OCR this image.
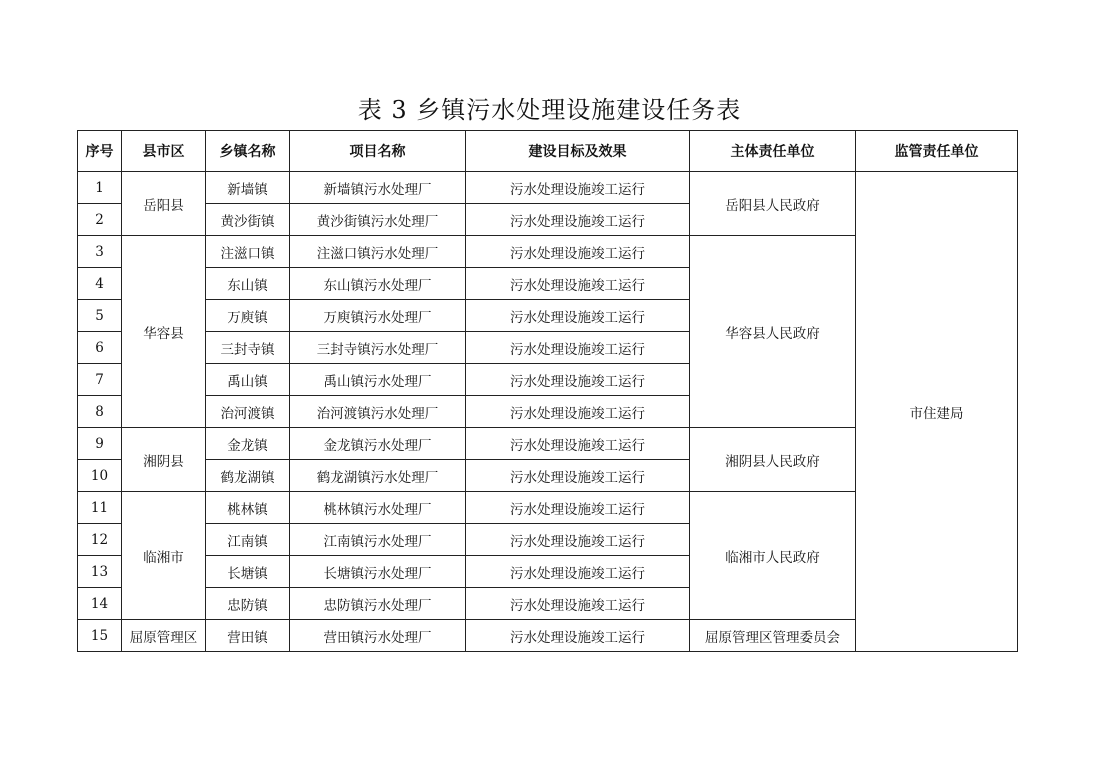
表 3 乡镇污水处理设施建设任务表
序号	县市区	乡镇名称	项目名称	建设目标及效果	主体责任单位	监管责任单位
1	岳阳县	新墙镇	新墙镇污水处理厂	污水处理设施竣工运行	岳阳县人民政府	市住建局
2		黄沙街镇	黄沙街镇污水处理厂	污水处理设施竣工运行		
3	华容县	注滋口镇	注滋口镇污水处理厂	污水处理设施竣工运行	华容县人民政府	
4		东山镇	东山镇污水处理厂	污水处理设施竣工运行		
5		万庾镇	万庾镇污水处理厂	污水处理设施竣工运行		
6		三封寺镇	三封寺镇污水处理厂	污水处理设施竣工运行		
7		禹山镇	禹山镇污水处理厂	污水处理设施竣工运行		
8		治河渡镇	治河渡镇污水处理厂	污水处理设施竣工运行		
9	湘阴县	金龙镇	金龙镇污水处理厂	污水处理设施竣工运行	湘阴县人民政府	
10		鹤龙湖镇	鹤龙湖镇污水处理厂	污水处理设施竣工运行		
11	临湘市	桃林镇	桃林镇污水处理厂	污水处理设施竣工运行	临湘市人民政府	
12		江南镇	江南镇污水处理厂	污水处理设施竣工运行		
13		长塘镇	长塘镇污水处理厂	污水处理设施竣工运行		
14		忠防镇	忠防镇污水处理厂	污水处理设施竣工运行		
15	屈原管理区	营田镇	营田镇污水处理厂	污水处理设施竣工运行	屈原管理区管理委员会	
